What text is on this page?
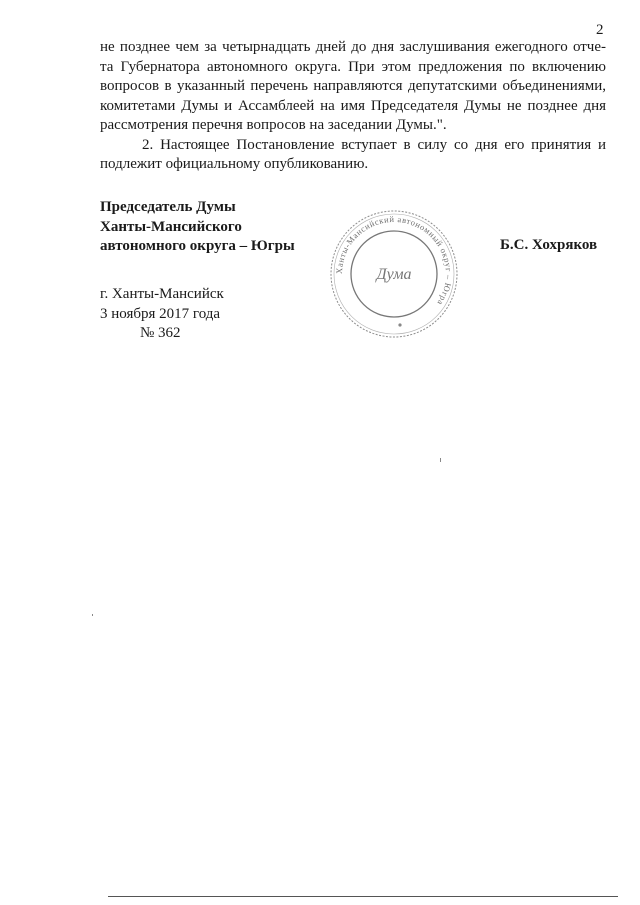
2

не позднее чем за четырнадцать дней до дня заслушивания ежегодного отче- та Губернатора автономного округа. При этом предложения по включению вопросов в указанный перечень направляются депутатскими объединениями, комитетами Думы и Ассамблеей на имя Председателя Думы не позднее дня рассмотрения перечня вопросов на заседании Думы.".

2. Настоящее Постановление вступает в силу со дня его принятия и подлежит официальному опубликованию.

Председатель Думы
Ханты-Мансийского
автономного округа – Югры	Б.С. Хохряков
Ханты-Мансийский автономный округ – Югра
Дума
г. Ханты-Мансийск
3 ноября 2017 года
№ 362
